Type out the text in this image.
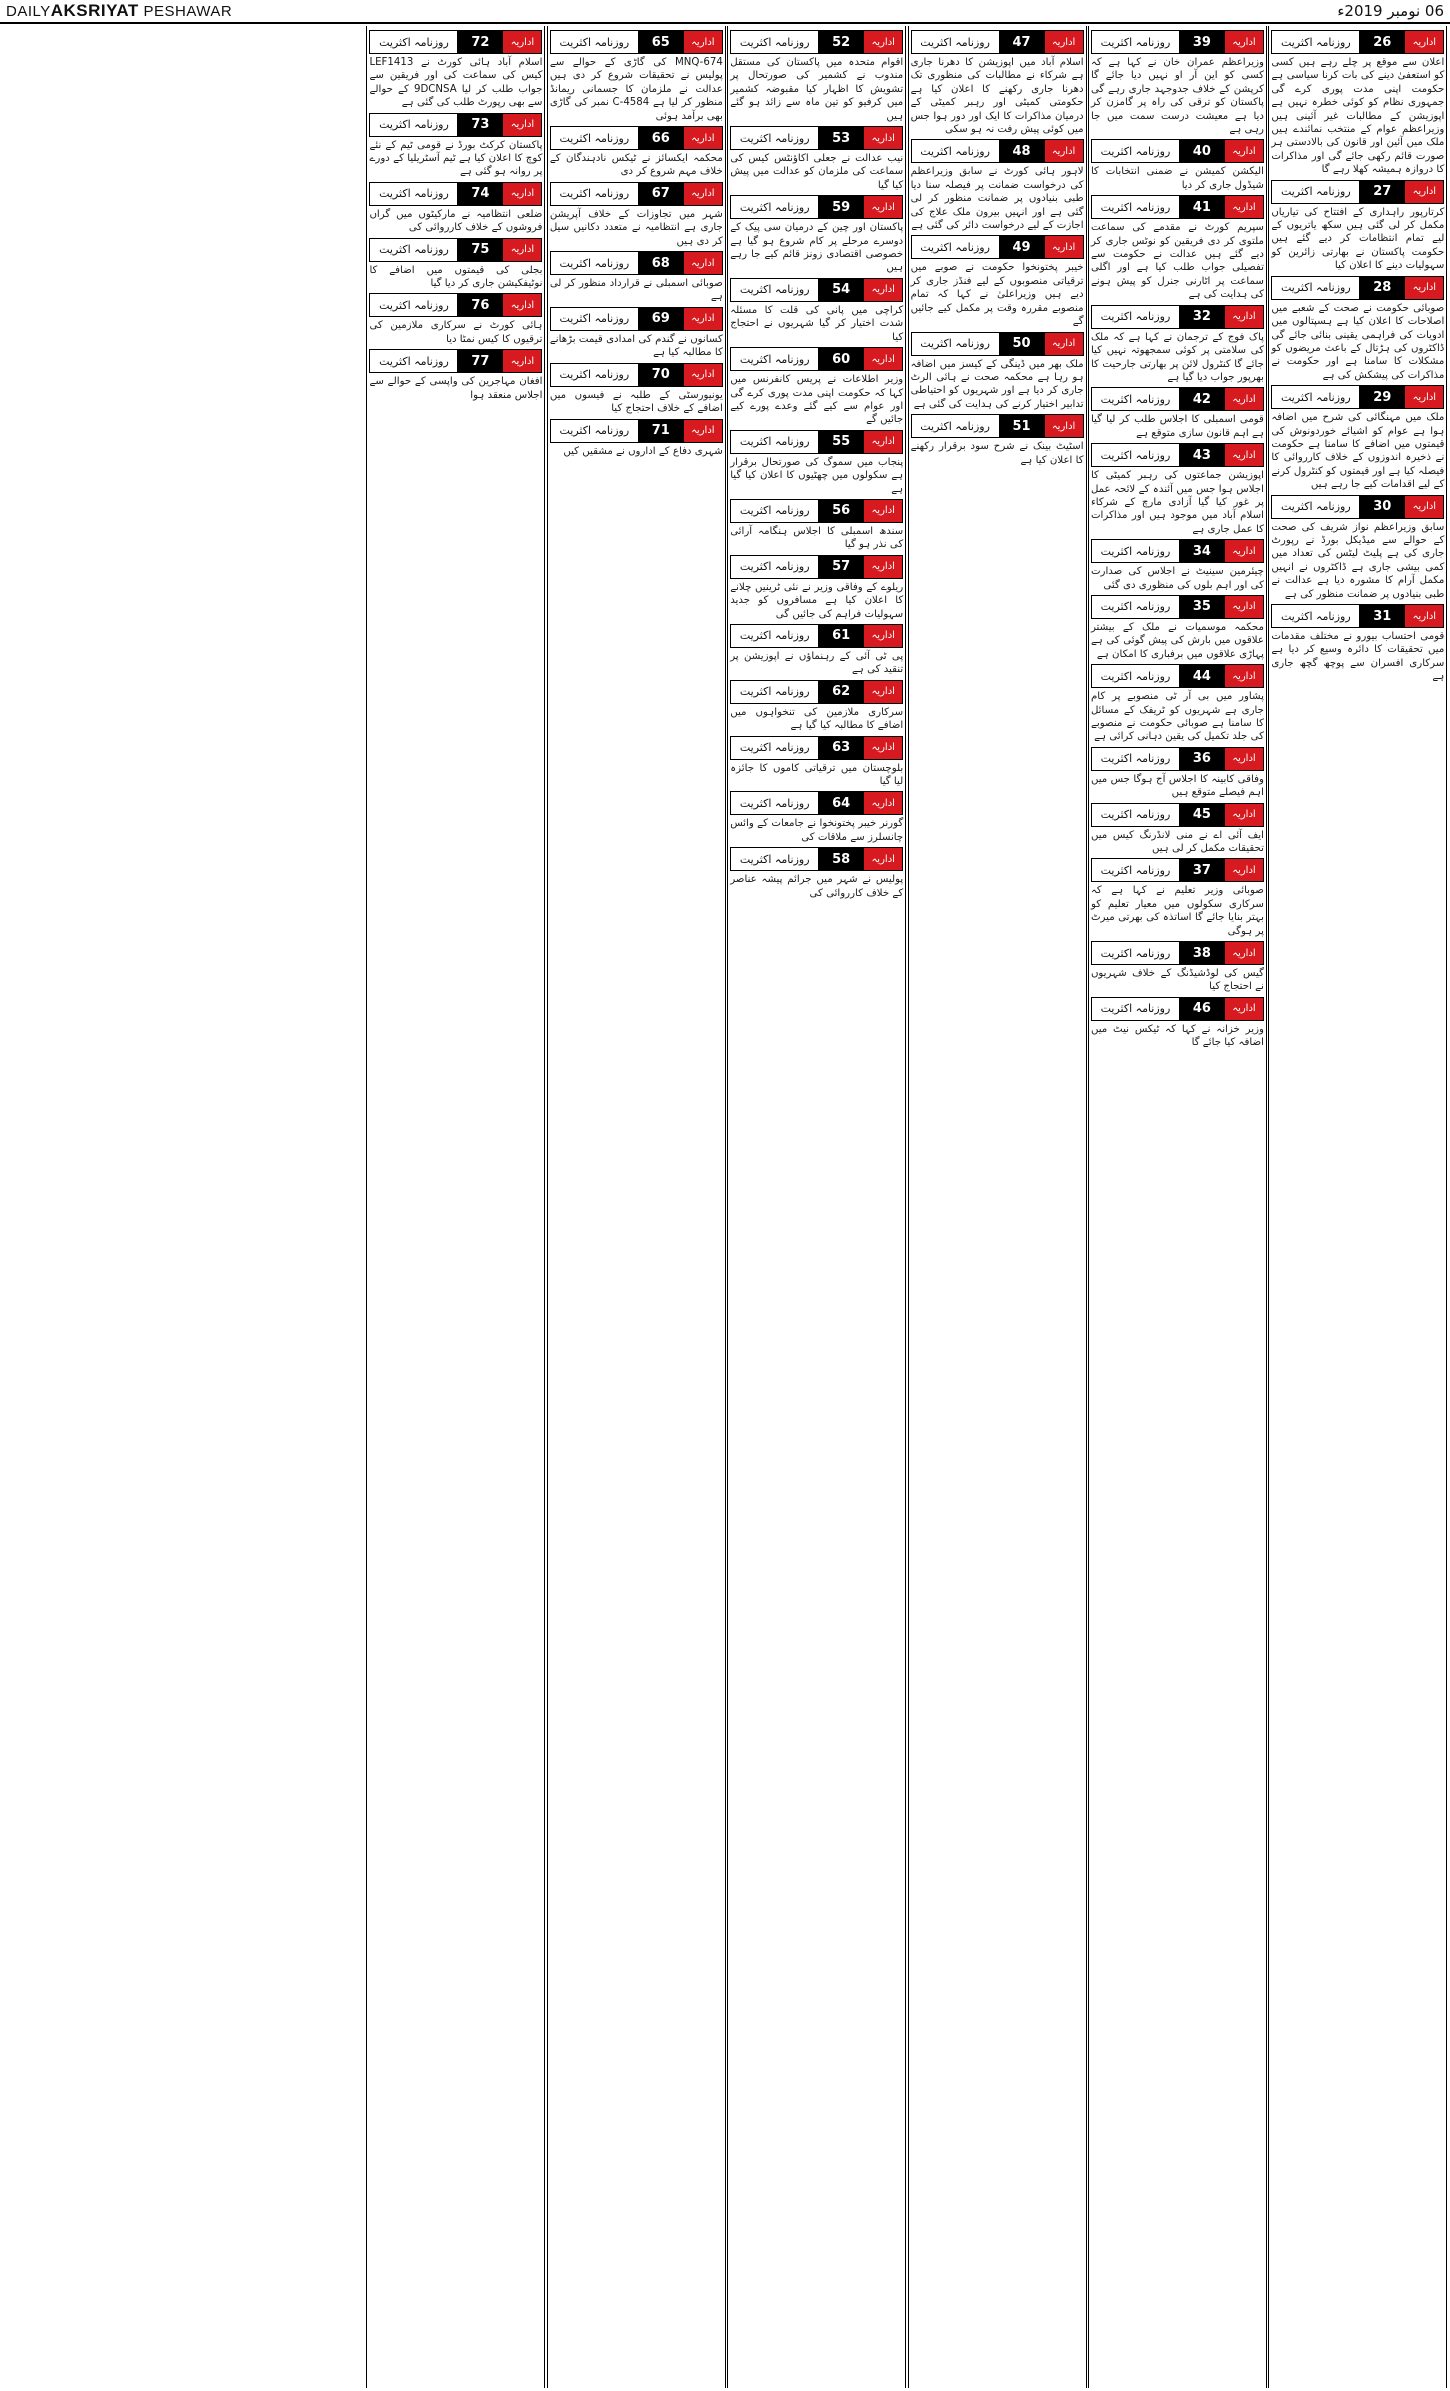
DAILYAKSRIYAT PESHAWAR	06 نومبر 2019ء
روزنامہ اکثریت	26	اداریہ

اعلان سے موقع پر چلے رہے ہیں کسی کو استعفیٰ دینے کی بات کرنا سیاسی ہے حکومت اپنی مدت پوری کرے گی جمہوری نظام کو کوئی خطرہ نہیں ہے اپوزیشن کے مطالبات غیر آئینی ہیں وزیراعظم عوام کے منتخب نمائندے ہیں ملک میں آئین اور قانون کی بالادستی ہر صورت قائم رکھی جائے گی اور مذاکرات کا دروازہ ہمیشہ کھلا رہے گا

روزنامہ اکثریت	27	اداریہ

کرتارپور راہداری کے افتتاح کی تیاریاں مکمل کر لی گئی ہیں سکھ یاتریوں کے لیے تمام انتظامات کر دیے گئے ہیں حکومت پاکستان نے بھارتی زائرین کو سہولیات دینے کا اعلان کیا

روزنامہ اکثریت	28	اداریہ

صوبائی حکومت نے صحت کے شعبے میں اصلاحات کا اعلان کیا ہے ہسپتالوں میں ادویات کی فراہمی یقینی بنائی جائے گی ڈاکٹروں کی ہڑتال کے باعث مریضوں کو مشکلات کا سامنا ہے اور حکومت نے مذاکرات کی پیشکش کی ہے

روزنامہ اکثریت	29	اداریہ

ملک میں مہنگائی کی شرح میں اضافہ ہوا ہے عوام کو اشیائے خوردونوش کی قیمتوں میں اضافے کا سامنا ہے حکومت نے ذخیرہ اندوزوں کے خلاف کارروائی کا فیصلہ کیا ہے اور قیمتوں کو کنٹرول کرنے کے لیے اقدامات کیے جا رہے ہیں

روزنامہ اکثریت	30	اداریہ

سابق وزیراعظم نواز شریف کی صحت کے حوالے سے میڈیکل بورڈ نے رپورٹ جاری کی ہے پلیٹ لیٹس کی تعداد میں کمی بیشی جاری ہے ڈاکٹروں نے انہیں مکمل آرام کا مشورہ دیا ہے عدالت نے طبی بنیادوں پر ضمانت منظور کی ہے

روزنامہ اکثریت	31	اداریہ

قومی احتساب بیورو نے مختلف مقدمات میں تحقیقات کا دائرہ وسیع کر دیا ہے سرکاری افسران سے پوچھ گچھ جاری ہے

روزنامہ اکثریت	39	اداریہ

وزیراعظم عمران خان نے کہا ہے کہ کسی کو این آر او نہیں دیا جائے گا کرپشن کے خلاف جدوجہد جاری رہے گی پاکستان کو ترقی کی راہ پر گامزن کر دیا ہے معیشت درست سمت میں جا رہی ہے

روزنامہ اکثریت	40	اداریہ

الیکشن کمیشن نے ضمنی انتخابات کا شیڈول جاری کر دیا

روزنامہ اکثریت	41	اداریہ

سپریم کورٹ نے مقدمے کی سماعت ملتوی کر دی فریقین کو نوٹس جاری کر دیے گئے ہیں عدالت نے حکومت سے تفصیلی جواب طلب کیا ہے اور اگلی سماعت پر اٹارنی جنرل کو پیش ہونے کی ہدایت کی ہے

روزنامہ اکثریت	32	اداریہ

پاک فوج کے ترجمان نے کہا ہے کہ ملک کی سلامتی پر کوئی سمجھوتہ نہیں کیا جائے گا کنٹرول لائن پر بھارتی جارحیت کا بھرپور جواب دیا گیا ہے

روزنامہ اکثریت	42	اداریہ

قومی اسمبلی کا اجلاس طلب کر لیا گیا ہے اہم قانون سازی متوقع ہے

روزنامہ اکثریت	43	اداریہ

اپوزیشن جماعتوں کی رہبر کمیٹی کا اجلاس ہوا جس میں آئندہ کے لائحہ عمل پر غور کیا گیا آزادی مارچ کے شرکاء اسلام آباد میں موجود ہیں اور مذاکرات کا عمل جاری ہے

روزنامہ اکثریت	34	اداریہ

چیئرمین سینیٹ نے اجلاس کی صدارت کی اور اہم بلوں کی منظوری دی گئی

روزنامہ اکثریت	35	اداریہ

محکمہ موسمیات نے ملک کے بیشتر علاقوں میں بارش کی پیش گوئی کی ہے پہاڑی علاقوں میں برفباری کا امکان ہے

روزنامہ اکثریت	44	اداریہ

پشاور میں بی آر ٹی منصوبے پر کام جاری ہے شہریوں کو ٹریفک کے مسائل کا سامنا ہے صوبائی حکومت نے منصوبے کی جلد تکمیل کی یقین دہانی کرائی ہے

روزنامہ اکثریت	36	اداریہ

وفاقی کابینہ کا اجلاس آج ہوگا جس میں اہم فیصلے متوقع ہیں

روزنامہ اکثریت	45	اداریہ

ایف آئی اے نے منی لانڈرنگ کیس میں تحقیقات مکمل کر لی ہیں

روزنامہ اکثریت	37	اداریہ

صوبائی وزیر تعلیم نے کہا ہے کہ سرکاری سکولوں میں معیار تعلیم کو بہتر بنایا جائے گا اساتذہ کی بھرتی میرٹ پر ہوگی

روزنامہ اکثریت	38	اداریہ

گیس کی لوڈشیڈنگ کے خلاف شہریوں نے احتجاج کیا

روزنامہ اکثریت	46	اداریہ

وزیر خزانہ نے کہا کہ ٹیکس نیٹ میں اضافہ کیا جائے گا

روزنامہ اکثریت	47	اداریہ

اسلام آباد میں اپوزیشن کا دھرنا جاری ہے شرکاء نے مطالبات کی منظوری تک دھرنا جاری رکھنے کا اعلان کیا ہے حکومتی کمیٹی اور رہبر کمیٹی کے درمیان مذاکرات کا ایک اور دور ہوا جس میں کوئی پیش رفت نہ ہو سکی

روزنامہ اکثریت	48	اداریہ

لاہور ہائی کورٹ نے سابق وزیراعظم کی درخواست ضمانت پر فیصلہ سنا دیا طبی بنیادوں پر ضمانت منظور کر لی گئی ہے اور انہیں بیرون ملک علاج کی اجازت کے لیے درخواست دائر کی گئی ہے

روزنامہ اکثریت	49	اداریہ

خیبر پختونخوا حکومت نے صوبے میں ترقیاتی منصوبوں کے لیے فنڈز جاری کر دیے ہیں وزیراعلیٰ نے کہا کہ تمام منصوبے مقررہ وقت پر مکمل کیے جائیں گے

روزنامہ اکثریت	50	اداریہ

ملک بھر میں ڈینگی کے کیسز میں اضافہ ہو رہا ہے محکمہ صحت نے ہائی الرٹ جاری کر دیا ہے اور شہریوں کو احتیاطی تدابیر اختیار کرنے کی ہدایت کی گئی ہے

روزنامہ اکثریت	51	اداریہ

اسٹیٹ بینک نے شرح سود برقرار رکھنے کا اعلان کیا ہے

روزنامہ اکثریت	52	اداریہ

اقوام متحدہ میں پاکستان کی مستقل مندوب نے کشمیر کی صورتحال پر تشویش کا اظہار کیا مقبوضہ کشمیر میں کرفیو کو تین ماہ سے زائد ہو گئے ہیں

روزنامہ اکثریت	53	اداریہ

نیب عدالت نے جعلی اکاؤنٹس کیس کی سماعت کی ملزمان کو عدالت میں پیش کیا گیا

روزنامہ اکثریت	59	اداریہ

پاکستان اور چین کے درمیان سی پیک کے دوسرے مرحلے پر کام شروع ہو گیا ہے خصوصی اقتصادی زونز قائم کیے جا رہے ہیں

روزنامہ اکثریت	54	اداریہ

کراچی میں پانی کی قلت کا مسئلہ شدت اختیار کر گیا شہریوں نے احتجاج کیا

روزنامہ اکثریت	60	اداریہ

وزیر اطلاعات نے پریس کانفرنس میں کہا کہ حکومت اپنی مدت پوری کرے گی اور عوام سے کیے گئے وعدے پورے کیے جائیں گے

روزنامہ اکثریت	55	اداریہ

پنجاب میں سموگ کی صورتحال برقرار ہے سکولوں میں چھٹیوں کا اعلان کیا گیا ہے

روزنامہ اکثریت	56	اداریہ

سندھ اسمبلی کا اجلاس ہنگامہ آرائی کی نذر ہو گیا

روزنامہ اکثریت	57	اداریہ

ریلوے کے وفاقی وزیر نے نئی ٹرینیں چلانے کا اعلان کیا ہے مسافروں کو جدید سہولیات فراہم کی جائیں گی

روزنامہ اکثریت	61	اداریہ

پی ٹی آئی کے رہنماؤں نے اپوزیشن پر تنقید کی ہے

روزنامہ اکثریت	62	اداریہ

سرکاری ملازمین کی تنخواہوں میں اضافے کا مطالبہ کیا گیا ہے

روزنامہ اکثریت	63	اداریہ

بلوچستان میں ترقیاتی کاموں کا جائزہ لیا گیا

روزنامہ اکثریت	64	اداریہ

گورنر خیبر پختونخوا نے جامعات کے وائس چانسلرز سے ملاقات کی

روزنامہ اکثریت	58	اداریہ

پولیس نے شہر میں جرائم پیشہ عناصر کے خلاف کارروائی کی

روزنامہ اکثریت	65	اداریہ

MNQ-674 کی گاڑی کے حوالے سے پولیس نے تحقیقات شروع کر دی ہیں عدالت نے ملزمان کا جسمانی ریمانڈ منظور کر لیا ہے C-4584 نمبر کی گاڑی بھی برآمد ہوئی

روزنامہ اکثریت	66	اداریہ

محکمہ ایکسائز نے ٹیکس نادہندگان کے خلاف مہم شروع کر دی

روزنامہ اکثریت	67	اداریہ

شہر میں تجاوزات کے خلاف آپریشن جاری ہے انتظامیہ نے متعدد دکانیں سیل کر دی ہیں

روزنامہ اکثریت	68	اداریہ

صوبائی اسمبلی نے قرارداد منظور کر لی ہے

روزنامہ اکثریت	69	اداریہ

کسانوں نے گندم کی امدادی قیمت بڑھانے کا مطالبہ کیا ہے

روزنامہ اکثریت	70	اداریہ

یونیورسٹی کے طلبہ نے فیسوں میں اضافے کے خلاف احتجاج کیا

روزنامہ اکثریت	71	اداریہ

شہری دفاع کے اداروں نے مشقیں کیں

روزنامہ اکثریت	72	اداریہ

اسلام آباد ہائی کورٹ نے LEF1413 کیس کی سماعت کی اور فریقین سے جواب طلب کر لیا 9DCNSA کے حوالے سے بھی رپورٹ طلب کی گئی ہے

روزنامہ اکثریت	73	اداریہ

پاکستان کرکٹ بورڈ نے قومی ٹیم کے نئے کوچ کا اعلان کیا ہے ٹیم آسٹریلیا کے دورے پر روانہ ہو گئی ہے

روزنامہ اکثریت	74	اداریہ

ضلعی انتظامیہ نے مارکیٹوں میں گراں فروشوں کے خلاف کارروائی کی

روزنامہ اکثریت	75	اداریہ

بجلی کی قیمتوں میں اضافے کا نوٹیفکیشن جاری کر دیا گیا

روزنامہ اکثریت	76	اداریہ

ہائی کورٹ نے سرکاری ملازمین کی ترقیوں کا کیس نمٹا دیا

روزنامہ اکثریت	77	اداریہ

افغان مہاجرین کی واپسی کے حوالے سے اجلاس منعقد ہوا
